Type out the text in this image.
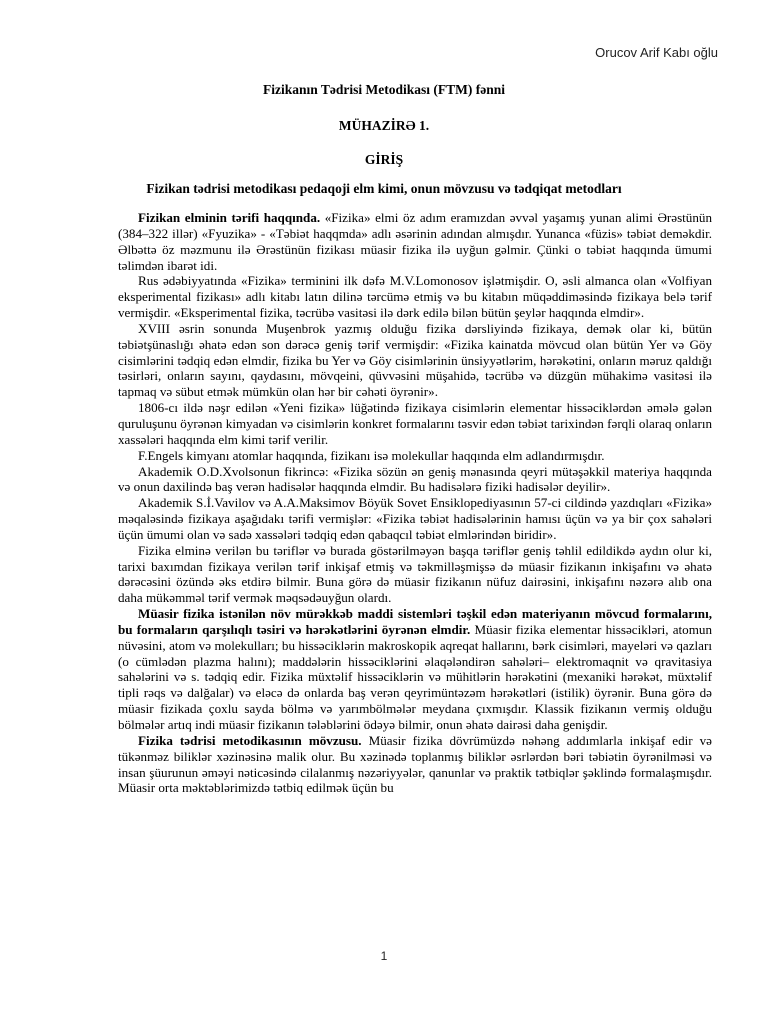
Orucov Arif Kabı oğlu
Fizikanın Tədrisi Metodikası (FTM) fənni
MÜHAZİRƏ 1.
GİRİŞ
Fizikan tədrisi metodikası pedaqoji elm kimi, onun mövzusu və tədqiqat metodları

Fizikan elminin tərifi haqqında. «Fizika» elmi öz adım eramızdan əvvəl yaşamış yunan alimi Ərəstünün (384–322 illər) «Fyuzika» - «Təbiət haqqmda» adlı əsərinin adından almışdır. Yunanca «füzis» təbiət deməkdir. Əlbəttə öz məzmunu ilə Ərəstünün fizikası müasir fizika ilə uyğun gəlmir. Çünki o təbiət haqqında ümumi təlimdən ibarət idi.

Rus ədəbiyyatında «Fizika» terminini ilk dəfə M.V.Lomonosov işlətmişdir. O, əsli almanca olan «Volfiyan eksperimental fizikası» adlı kitabı latın dilinə tərcümə etmiş və bu kitabın müqəddiməsində fizikaya belə tərif vermişdir. «Eksperimental fizika, təcrübə vasitəsi ilə dərk edilə bilən bütün şeylər haqqında elmdir».

XVIII əsrin sonunda Muşenbrok yazmış olduğu fizika dərsliyində fizikaya, demək olar ki, bütün təbiətşünaslığı əhatə edən son dərəcə geniş tərif vermişdir: «Fizika kainatda mövcud olan bütün Yer və Göy cisimlərini tədqiq edən elmdir, fizika bu Yer və Göy cisimlərinin ünsiyyətlərim, hərəkətini, onların məruz qaldığı təsirləri, onların sayını, qaydasını, mövqeini, qüvvəsini müşahidə, təcrübə və düzgün mühakimə vasitəsi ilə tapmaq və sübut etmək mümkün olan hər bir cəhəti öyrənir».

1806-cı ildə nəşr edilən «Yeni fizika» lüğətində fizikaya cisimlərin elementar hissəciklərdən əmələ gələn quruluşunu öyrənən kimyadan və cisimlərin konkret formalarını təsvir edən təbiət tarixindən fərqli olaraq onların xassələri haqqında elm kimi tərif verilir.

F.Engels kimyanı atomlar haqqında, fizikanı isə molekullar haqqında elm adlandırmışdır.

Akademik O.D.Xvolsonun fikrincə: «Fizika sözün ən geniş mənasında qeyri mütəşəkkil materiya haqqında və onun daxilində baş verən hadisələr haqqında elmdir. Bu hadisələrə fiziki hadisələr deyilir».

Akademik S.İ.Vavilov və A.A.Maksimov Böyük Sovet Ensiklopediyasının 57-ci cildində yazdıqları «Fizika» məqaləsində fizikaya aşağıdakı tərifi vermişlər: «Fizika təbiət hadisələrinin hamısı üçün və ya bir çox sahələri üçün ümumi olan və sadə xassələri tədqiq edən qabaqcıl təbiət elmlərindən biridir».

Fizika elminə verilən bu təriflər və burada göstərilməyən başqa təriflər geniş təhlil edildikdə aydın olur ki, tarixi baxımdan fizikaya verilən tərif inkişaf etmiş və təkmilləşmişsə də müasir fizikanın inkişafını və əhatə dərəcəsini özündə əks etdirə bilmir. Buna görə də müasir fizikanın nüfuz dairəsini, inkişafını nəzərə alıb ona daha mükəmməl tərif vermək məqsədəuyğun olardı.

Müasir fizika istənilən növ mürəkkəb maddi sistemləri təşkil edən materiyanın mövcud formalarını, bu formaların qarşılıqlı təsiri və hərəkətlərini öyrənən elmdir. Müasir fizika elementar hissəcikləri, atomun nüvəsini, atom və molekulları; bu hissəciklərin makroskopik aqreqat hallarını, bərk cisimləri, mayeləri və qazları (o cümlədən plazma halını); maddələrin hissəciklərini əlaqələndirən sahələri– elektromaqnit və qravitasiya sahələrini və s. tədqiq edir. Fizika müxtəlif hissəciklərin və mühitlərin hərəkətini (mexaniki hərəkət, müxtəlif tipli rəqs və dalğalar) və eləcə də onlarda baş verən qeyrimüntəzəm hərəkətləri (istilik) öyrənir. Buna görə də müasir fizikada çoxlu sayda bölmə və yarımbölmələr meydana çıxmışdır. Klassik fizikanın vermiş olduğu bölmələr artıq indi müasir fizikanın tələblərini ödəyə bilmir, onun əhatə dairəsi daha genişdir.

Fizika tədrisi metodikasının mövzusu. Müasir fizika dövrümüzdə nəhəng addımlarla inkişaf edir və tükənməz biliklər xəzinəsinə malik olur. Bu xəzinədə toplanmış biliklər əsrlərdən bəri təbiətin öyrənilməsi və insan şüurunun əməyi nəticəsində cilalanmış nəzəriyyələr, qanunlar və praktik tətbiqlər şəklində formalaşmışdır. Müasir orta məktəblərimizdə tətbiq edilmək üçün bu

1
